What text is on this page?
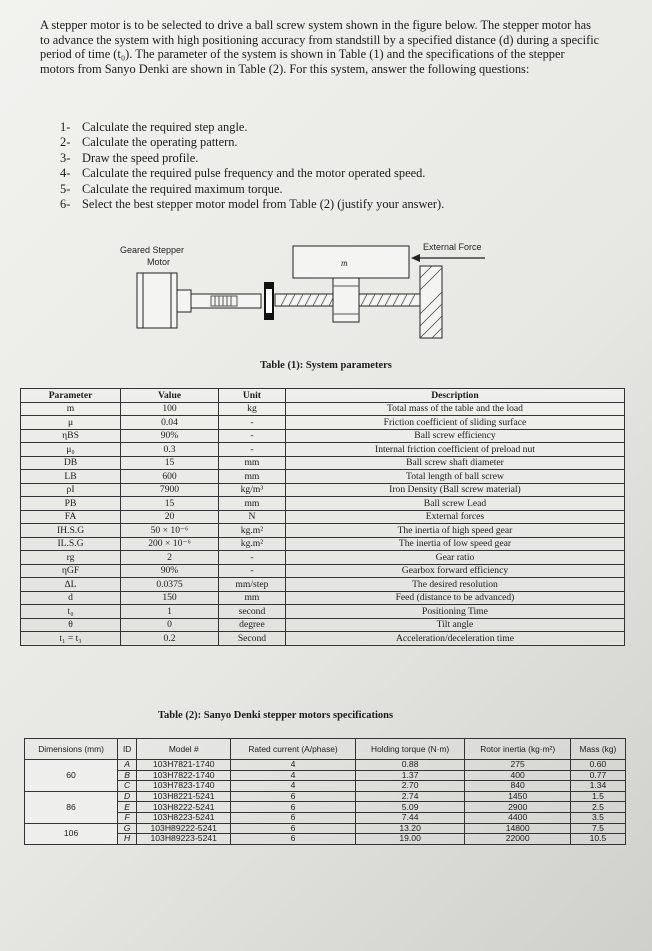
A stepper motor is to be selected to drive a ball screw system shown in the figure below. The stepper motor has to advance the system with high positioning accuracy from standstill by a specified distance (d) during a specific period of time (t₀). The parameter of the system is shown in Table (1) and the specifications of the stepper motors from Sanyo Denki are shown in Table (2). For this system, answer the following questions:

1- Calculate the required step angle.
2- Calculate the operating pattern.
3- Draw the speed profile.
4- Calculate the required pulse frequency and the motor operated speed.
5- Calculate the required maximum torque.
6- Select the best stepper motor model from Table (2) (justify your answer).
Geared Stepper
Motor
External Force
m
Table (1): System parameters
Parameter	Value	Unit	Description
m	100	kg	Total mass of the table and the load
μ	0.04	-	Friction coefficient of sliding surface
ηBS	90%	-	Ball screw efficiency
μ₀	0.3	-	Internal friction coefficient of preload nut
DB	15	mm	Ball screw shaft diameter
LB	600	mm	Total length of ball screw
ρI	7900	kg/m³	Iron Density (Ball screw material)
PB	15	mm	Ball screw Lead
FA	20	N	External forces
IH.S.G	50 × 10⁻⁶	kg.m²	The inertia of high speed gear
IL.S.G	200 × 10⁻⁶	kg.m²	The inertia of low speed gear
rg	2	-	Gear ratio
ηGF	90%	-	Gearbox forward efficiency
ΔL	0.0375	mm/step	The desired resolution
d	150	mm	Feed (distance to be advanced)
t₀	1	second	Positioning Time
θ	0	degree	Tilt angle
t₁ = t₃	0.2	Second	Acceleration/deceleration time
Table (2): Sanyo Denki stepper motors specifications
Dimensions (mm)	ID	Model #	Rated current (A/phase)	Holding torque (N·m)	Rotor inertia (kg·m²)	Mass (kg)
60	A	103H7821-1740	4	0.88	275	0.60
	B	103H7822-1740	4	1.37	400	0.77
	C	103H7823-1740	4	2.70	840	1.34
86	D	103H8221-5241	6	2.74	1450	1.5
	E	103H8222-5241	6	5.09	2900	2.5
	F	103H8223-5241	6	7.44	4400	3.5
106	G	103H89222-5241	6	13.20	14800	7.5
	H	103H89223-5241	6	19.00	22000	10.5
